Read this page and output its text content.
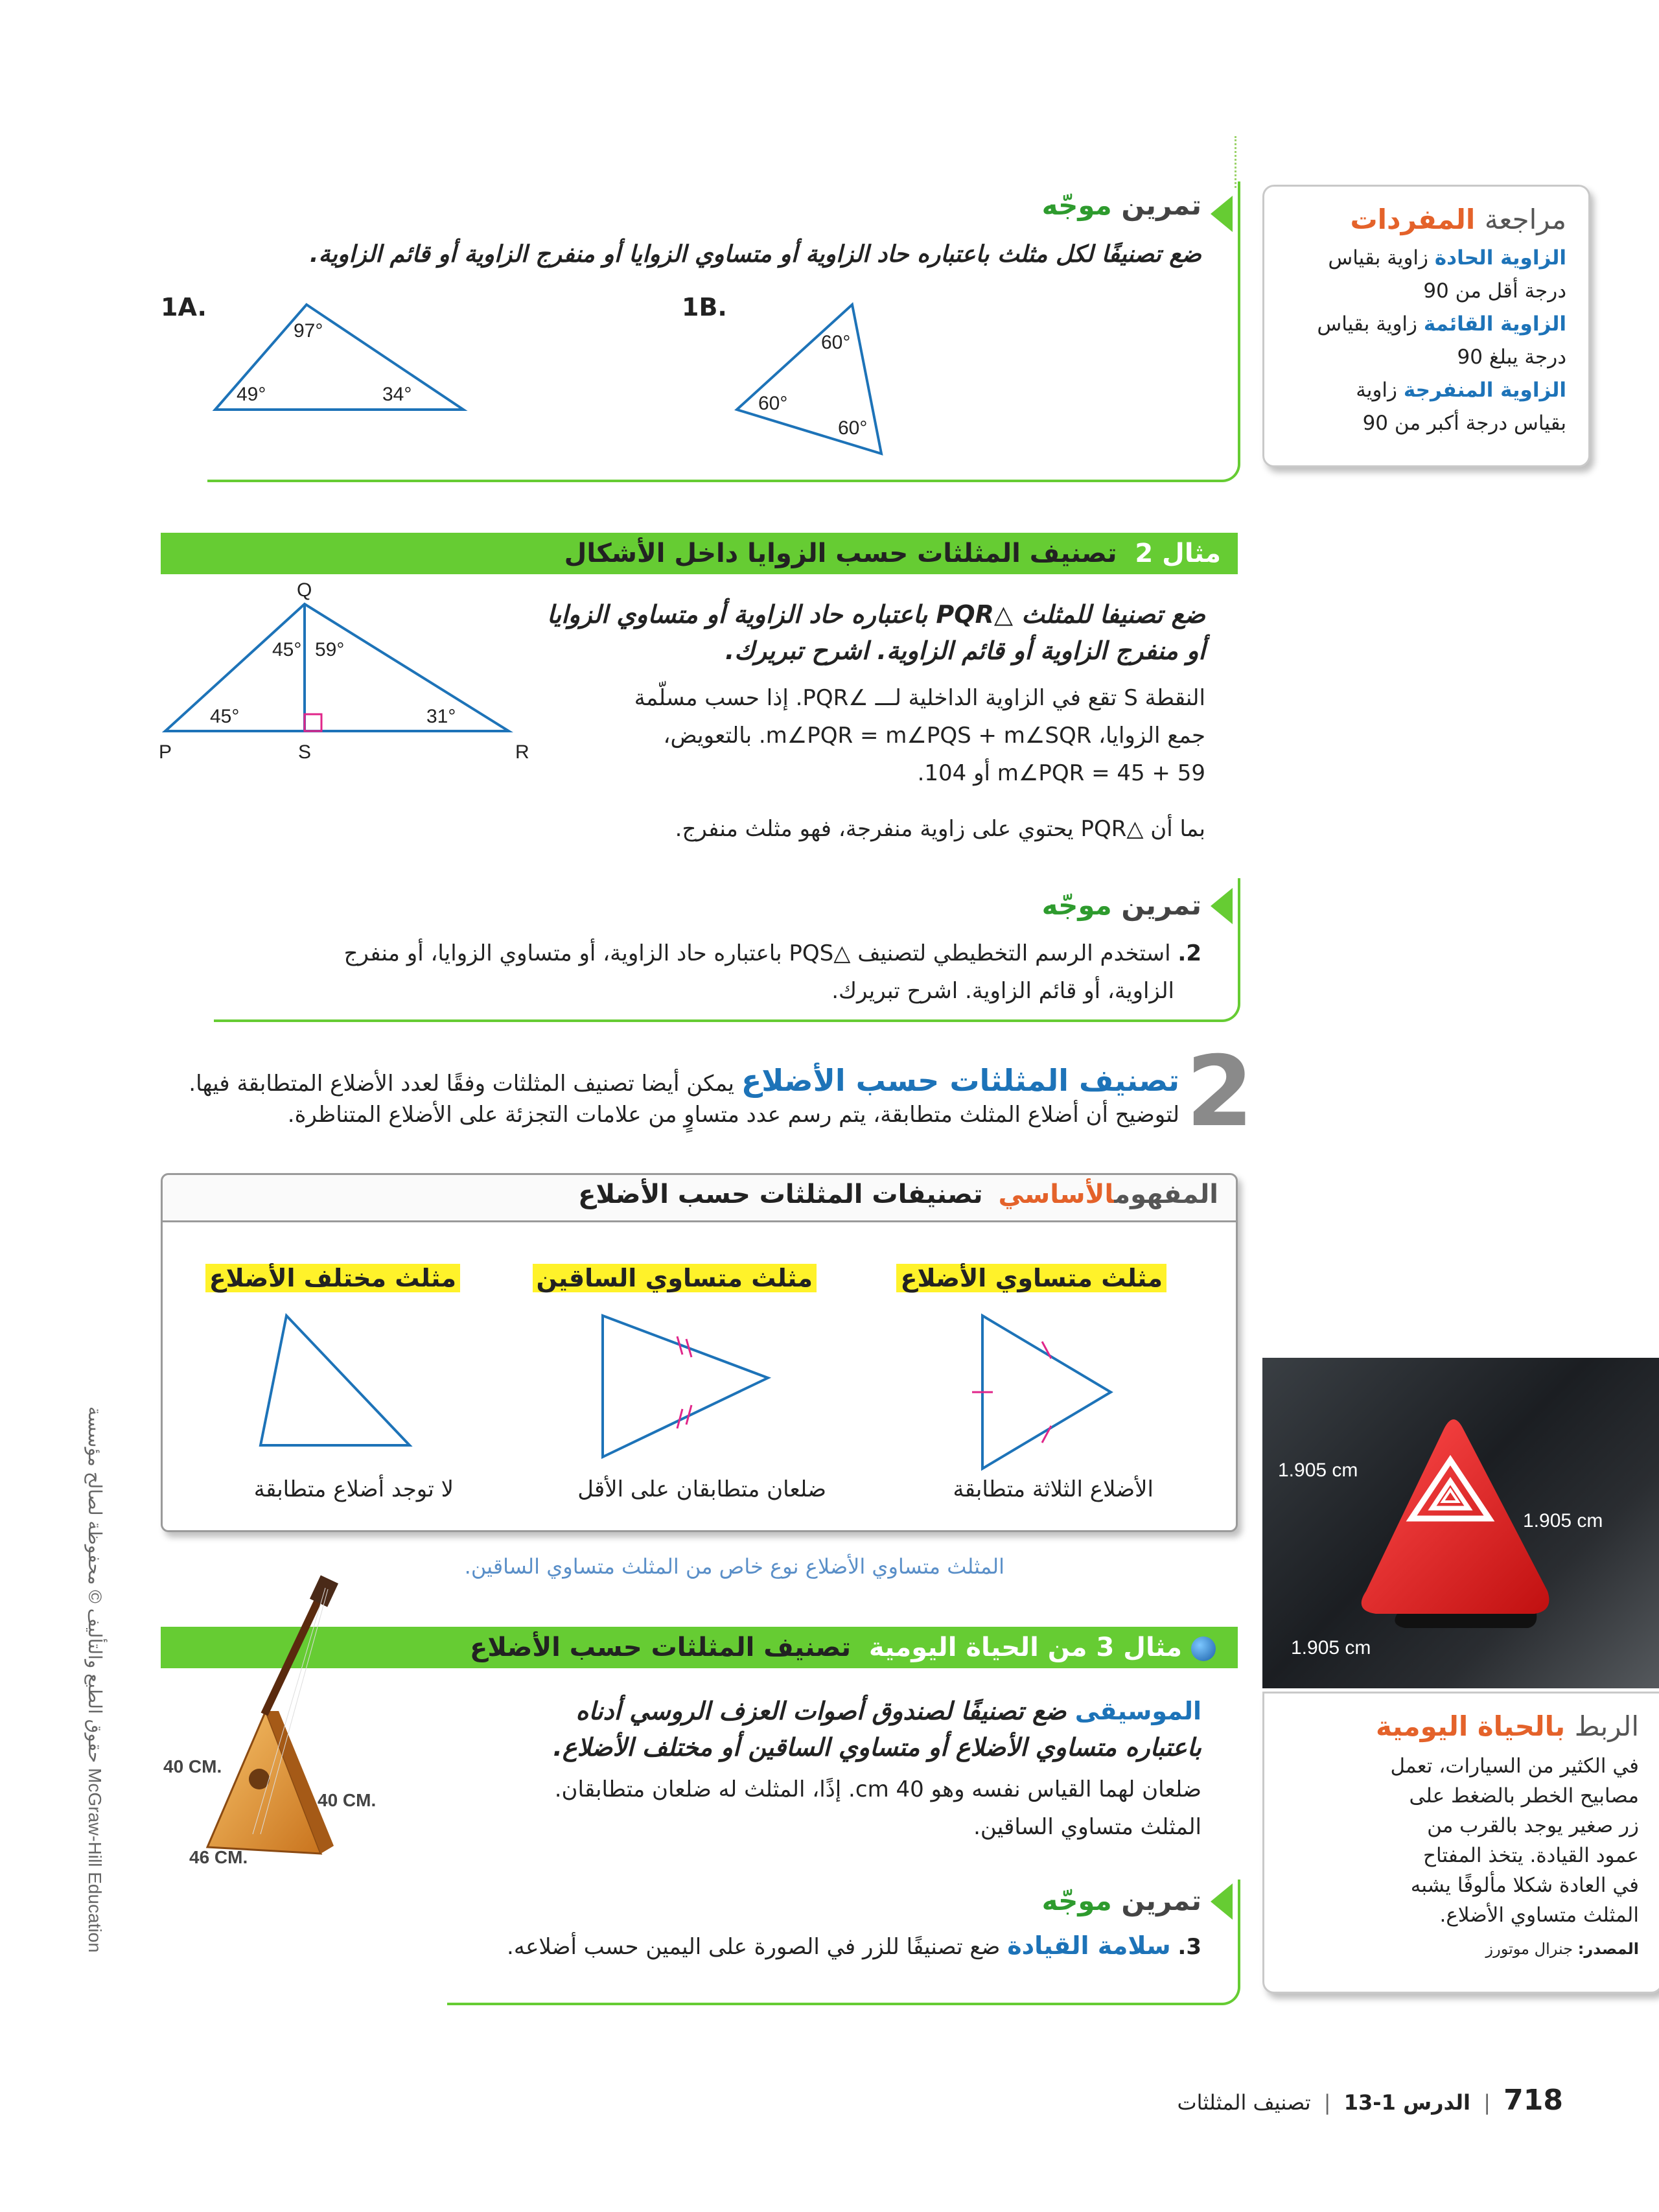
تمرين موجّه
ضع تصنيفًا لكل مثلث باعتباره حاد الزاوية أو متساوي الزوايا أو منفرج الزاوية أو قائم الزاوية.
1A.	1B.
97°
49°	34°
60°
60°
60°
مراجعة المفردات
الزاوية الحادة زاوية بقياس
درجة أقل من 90
الزاوية القائمة زاوية بقياس
درجة يبلغ 90
الزاوية المنفرجة زاوية
بقياس درجة أكبر من 90
مثال 2 تصنيف المثلثات حسب الزوايا داخل الأشكال
Q
P	S	R
45° 59°
45°	31°
ضع تصنيفا للمثلث △PQR باعتباره حاد الزاوية أو متساوي الزوايا
أو منفرج الزاوية أو قائم الزاوية. اشرح تبريرك.
النقطة S تقع في الزاوية الداخلية لـــ ∠PQR. إذا حسب مسلّمة
جمع الزوايا، m∠PQR = m∠PQS + m∠SQR. بالتعويض،
m∠PQR = 45 + 59 أو 104.
بما أن △PQR يحتوي على زاوية منفرجة، فهو مثلث منفرج.
تمرين موجّه
2. استخدم الرسم التخطيطي لتصنيف △PQS باعتباره حاد الزاوية، أو متساوي الزوايا، أو منفرج
الزاوية، أو قائم الزاوية. اشرح تبريرك.
2
تصنيف المثلثات حسب الأضلاع يمكن أيضا تصنيف المثلثات وفقًا لعدد الأضلاع المتطابقة فيها.
لتوضيح أن أضلاع المثلث متطابقة، يتم رسم عدد متساوٍ من علامات التجزئة على الأضلاع المتناظرة.
المفهومالأساسي تصنيفات المثلثات حسب الأضلاع
مثلث متساوي الأضلاع
مثلث متساوي الساقين
مثلث مختلف الأضلاع
الأضلاع الثلاثة متطابقة
ضلعان متطابقان على الأقل
لا توجد أضلاع متطابقة
المثلث متساوي الأضلاع نوع خاص من المثلث متساوي الساقين.
1.905 cm
1.905 cm
1.905 cm
الربط بالحياة اليومية
في الكثير من السيارات، تعمل
مصابيح الخطر بالضغط على
زر صغير يوجد بالقرب من
عمود القيادة. يتخذ المفتاح
في العادة شكلا مألوفًا يشبه
المثلث متساوي الأضلاع.
المصدر: جنرال موتورز
مثال 3 من الحياة اليومية تصنيف المثلثات حسب الأضلاع
40 CM.
40 CM.
46 CM.
الموسيقى ضع تصنيفًا لصندوق أصوات العزف الروسي أدناه
باعتباره متساوي الأضلاع أو متساوي الساقين أو مختلف الأضلاع.
ضلعان لهما القياس نفسه وهو 40 cm. إذًا، المثلث له ضلعان متطابقان.
المثلث متساوي الساقين.
تمرين موجّه
3. سلامة القيادة ضع تصنيفًا للزر في الصورة على اليمين حسب أضلاعه.
حقوق الطبع والتأليف © محفوظة لصالح مؤسسة McGraw-Hill Education
718 | الدرس 1-13 | تصنيف المثلثات
